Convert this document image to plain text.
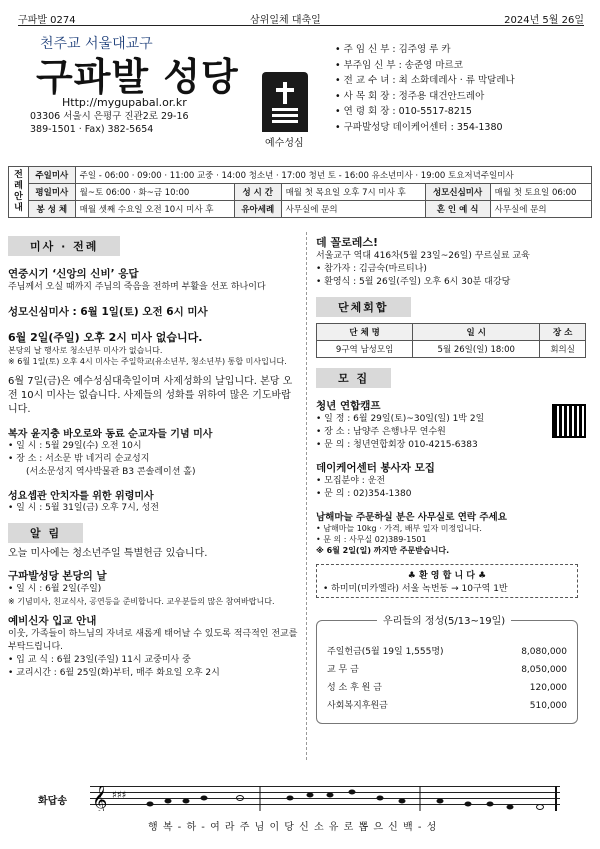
구파발 0274	삼위일체 대축일	2024년 5월 26일
천주교 서울대교구
구파발 성당
Http://mygupabal.or.kr
03306 서울시 은평구 진관2로 29-16
389-1501 · Fax) 382-5654
예수성심
• 주 임 신 부 : 김주영 루 카
• 부주임 신 부 : 송준영 마르코
• 전 교 수 녀 : 최 소화데레사 · 류 막달레나
• 사 목 회 장 : 정주용 대건안드레아
• 연 령 회 장 : 010-5517-8215
• 구파발성당 데이케어센터 : 354-1380
전례안내	주일미사	주일 - 06:00 · 09:00 · 11:00 교중 · 14:00 청소년 · 17:00 청년 토 - 16:00 유소년미사 · 19:00 토요저녁주일미사				
	평일미사	월~토 06:00 · 화~금 10:00	성 시 간	매월 첫 목요일 오후 7시 미사 후	성모신심미사	매월 첫 토요일 06:00
	봉 성 체	매월 셋째 수요일 오전 10시 미사 후	유아세례	사무실에 문의	혼 인 예 식	사무실에 문의
미사 · 전례
연중시기 ‘신앙의 신비’ 응답
주님께서 오실 때까지 주님의 죽음을 전하며 부활을 선포 하나이다
성모신심미사 : 6월 1일(토) 오전 6시 미사
6월 2일(주일) 오후 2시 미사 없습니다.
본당의 날 행사로 청소년부 미사가 없습니다.
※ 6월 1일(토) 오후 4시 미사는 주일학교(유소년부, 청소년부) 통합 미사입니다.
6월 7일(금)은 예수성심대축일이며 사제성화의 날입니다. 본당 오전 10시 미사는 없습니다. 사제들의 성화를 위하여 많은 기도바랍니다.
복자 윤지충 바오로와 동료 순교자들 기념 미사
• 일 시 : 5월 29일(수) 오전 10시
• 장 소 : 서소문 밖 네거리 순교성지
(서소문성지 역사박물관 B3 콘솔레이션 홀)
성요셉관 안치자를 위한 위령미사
• 일 시 : 5월 31일(금) 오후 7시, 성전
알 림
오늘 미사에는 청소년주일 특별헌금 있습니다.
구파발성당 본당의 날
• 일 시 : 6월 2일(주일)
※ 기념미사, 친교식사, 공연등을 준비합니다. 교우분들의 많은 참여바랍니다.
예비신자 입교 안내
이웃, 가족들이 하느님의 자녀로 새롭게 태어날 수 있도록 적극적인 전교를 부탁드립니다.
• 입 교 식 : 6월 23일(주일) 11시 교중미사 중
• 교리시간 : 6월 25일(화)부터, 매주 화요일 오후 2시
데 꼴로레스!
서울교구 역대 416차(5월 23일~26일) 꾸르실료 교육
• 참가자 : 김금숙(마르티나)
• 환영식 : 5월 26일(주일) 오후 6시 30분 대강당
단체회합
단 체 명	일 시	장 소
9구역 남성모임	5월 26일(일) 18:00	회의실
모 집
청년 연합캠프
• 일 정 : 6월 29일(토)~30일(일) 1박 2일
• 장 소 : 남양주 은행나무 연수원
• 문 의 : 청년연합회장 010-4215-6383
데이케어센터 봉사자 모집
• 모집분야 : 운전
• 문 의 : 02)354-1380
남해마늘 주문하실 분은 사무실로 연락 주세요
• 남해마늘 10kg · 가격, 배부 일자 미정입니다.
• 문 의 : 사무실 02)389-1501
※ 6월 2일(일) 까지만 주문받습니다.
♣ 환 영 합 니 다 ♣
• 하미미(미카엘라) 서울 녹번동 → 10구역 1반
우리들의 정성(5/13~19일)
주일헌금(5월 19일 1,555명)	8,080,000
교 무 금	8,050,000
성 소 후 원 금	120,000
사회복지후원금	510,000
화답송 𝄞 ♯♯♯
행 복 - 하 - 여 라 주 님 이 당 신 소 유 로 뽑 으 신 백 - 성
